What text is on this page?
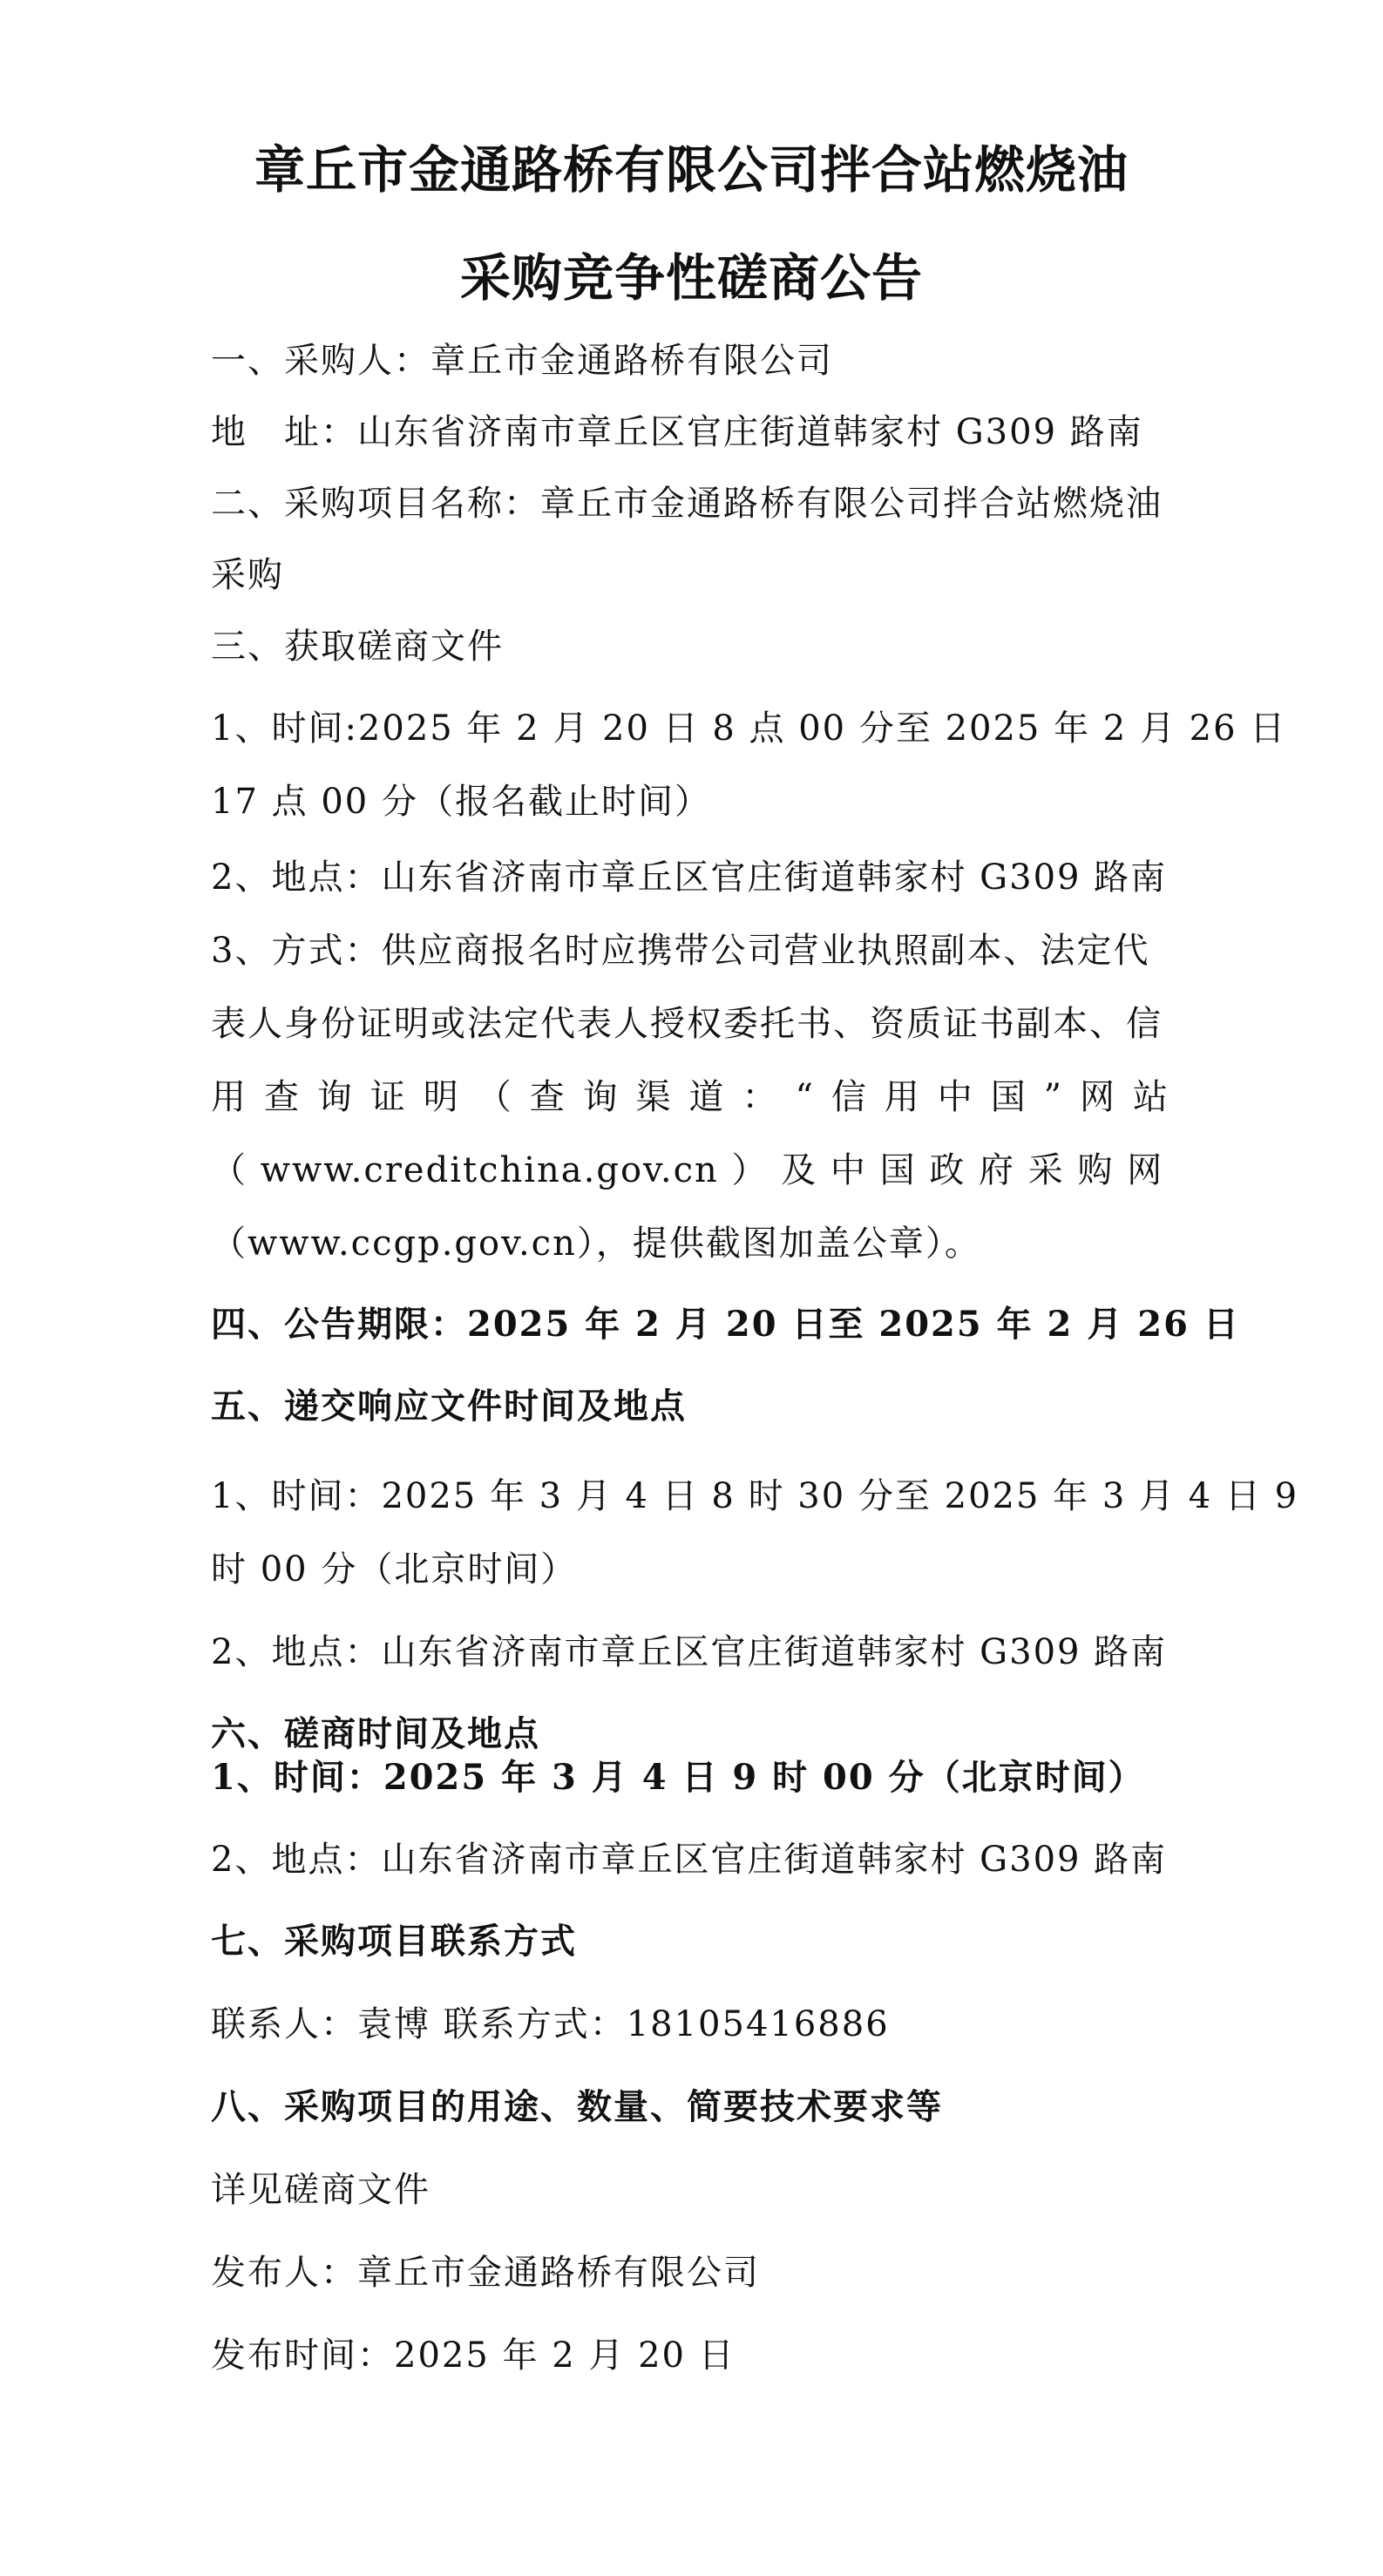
章丘市金通路桥有限公司拌合站燃烧油
采购竞争性磋商公告
一、采购人：章丘市金通路桥有限公司
地　址：山东省济南市章丘区官庄街道韩家村 G309 路南
二、采购项目名称：章丘市金通路桥有限公司拌合站燃烧油
采购
三、获取磋商文件
1、时间:2025 年 2 月 20 日 8 点 00 分至 2025 年 2 月 26 日
17 点 00 分（报名截止时间）
2、地点：山东省济南市章丘区官庄街道韩家村 G309 路南
3、方式：供应商报名时应携带公司营业执照副本、法定代
表人身份证明或法定代表人授权委托书、资质证书副本、信
用查询证明（查询渠道：“信用中国”网站
（ www.creditchina.gov.cn ） 及 中 国 政 府 采 购 网
（www.ccgp.gov.cn），提供截图加盖公章）。
四、公告期限：2025 年 2 月 20 日至 2025 年 2 月 26 日
五、递交响应文件时间及地点
1、时间：2025 年 3 月 4 日 8 时 30 分至 2025 年 3 月 4 日 9
时 00 分（北京时间）
2、地点：山东省济南市章丘区官庄街道韩家村 G309 路南
六、磋商时间及地点
1、时间：2025 年 3 月 4 日 9 时 00 分（北京时间）
2、地点：山东省济南市章丘区官庄街道韩家村 G309 路南
七、采购项目联系方式
联系人：袁博 联系方式：18105416886
八、采购项目的用途、数量、简要技术要求等
详见磋商文件
发布人：章丘市金通路桥有限公司
发布时间：2025 年 2 月 20 日
